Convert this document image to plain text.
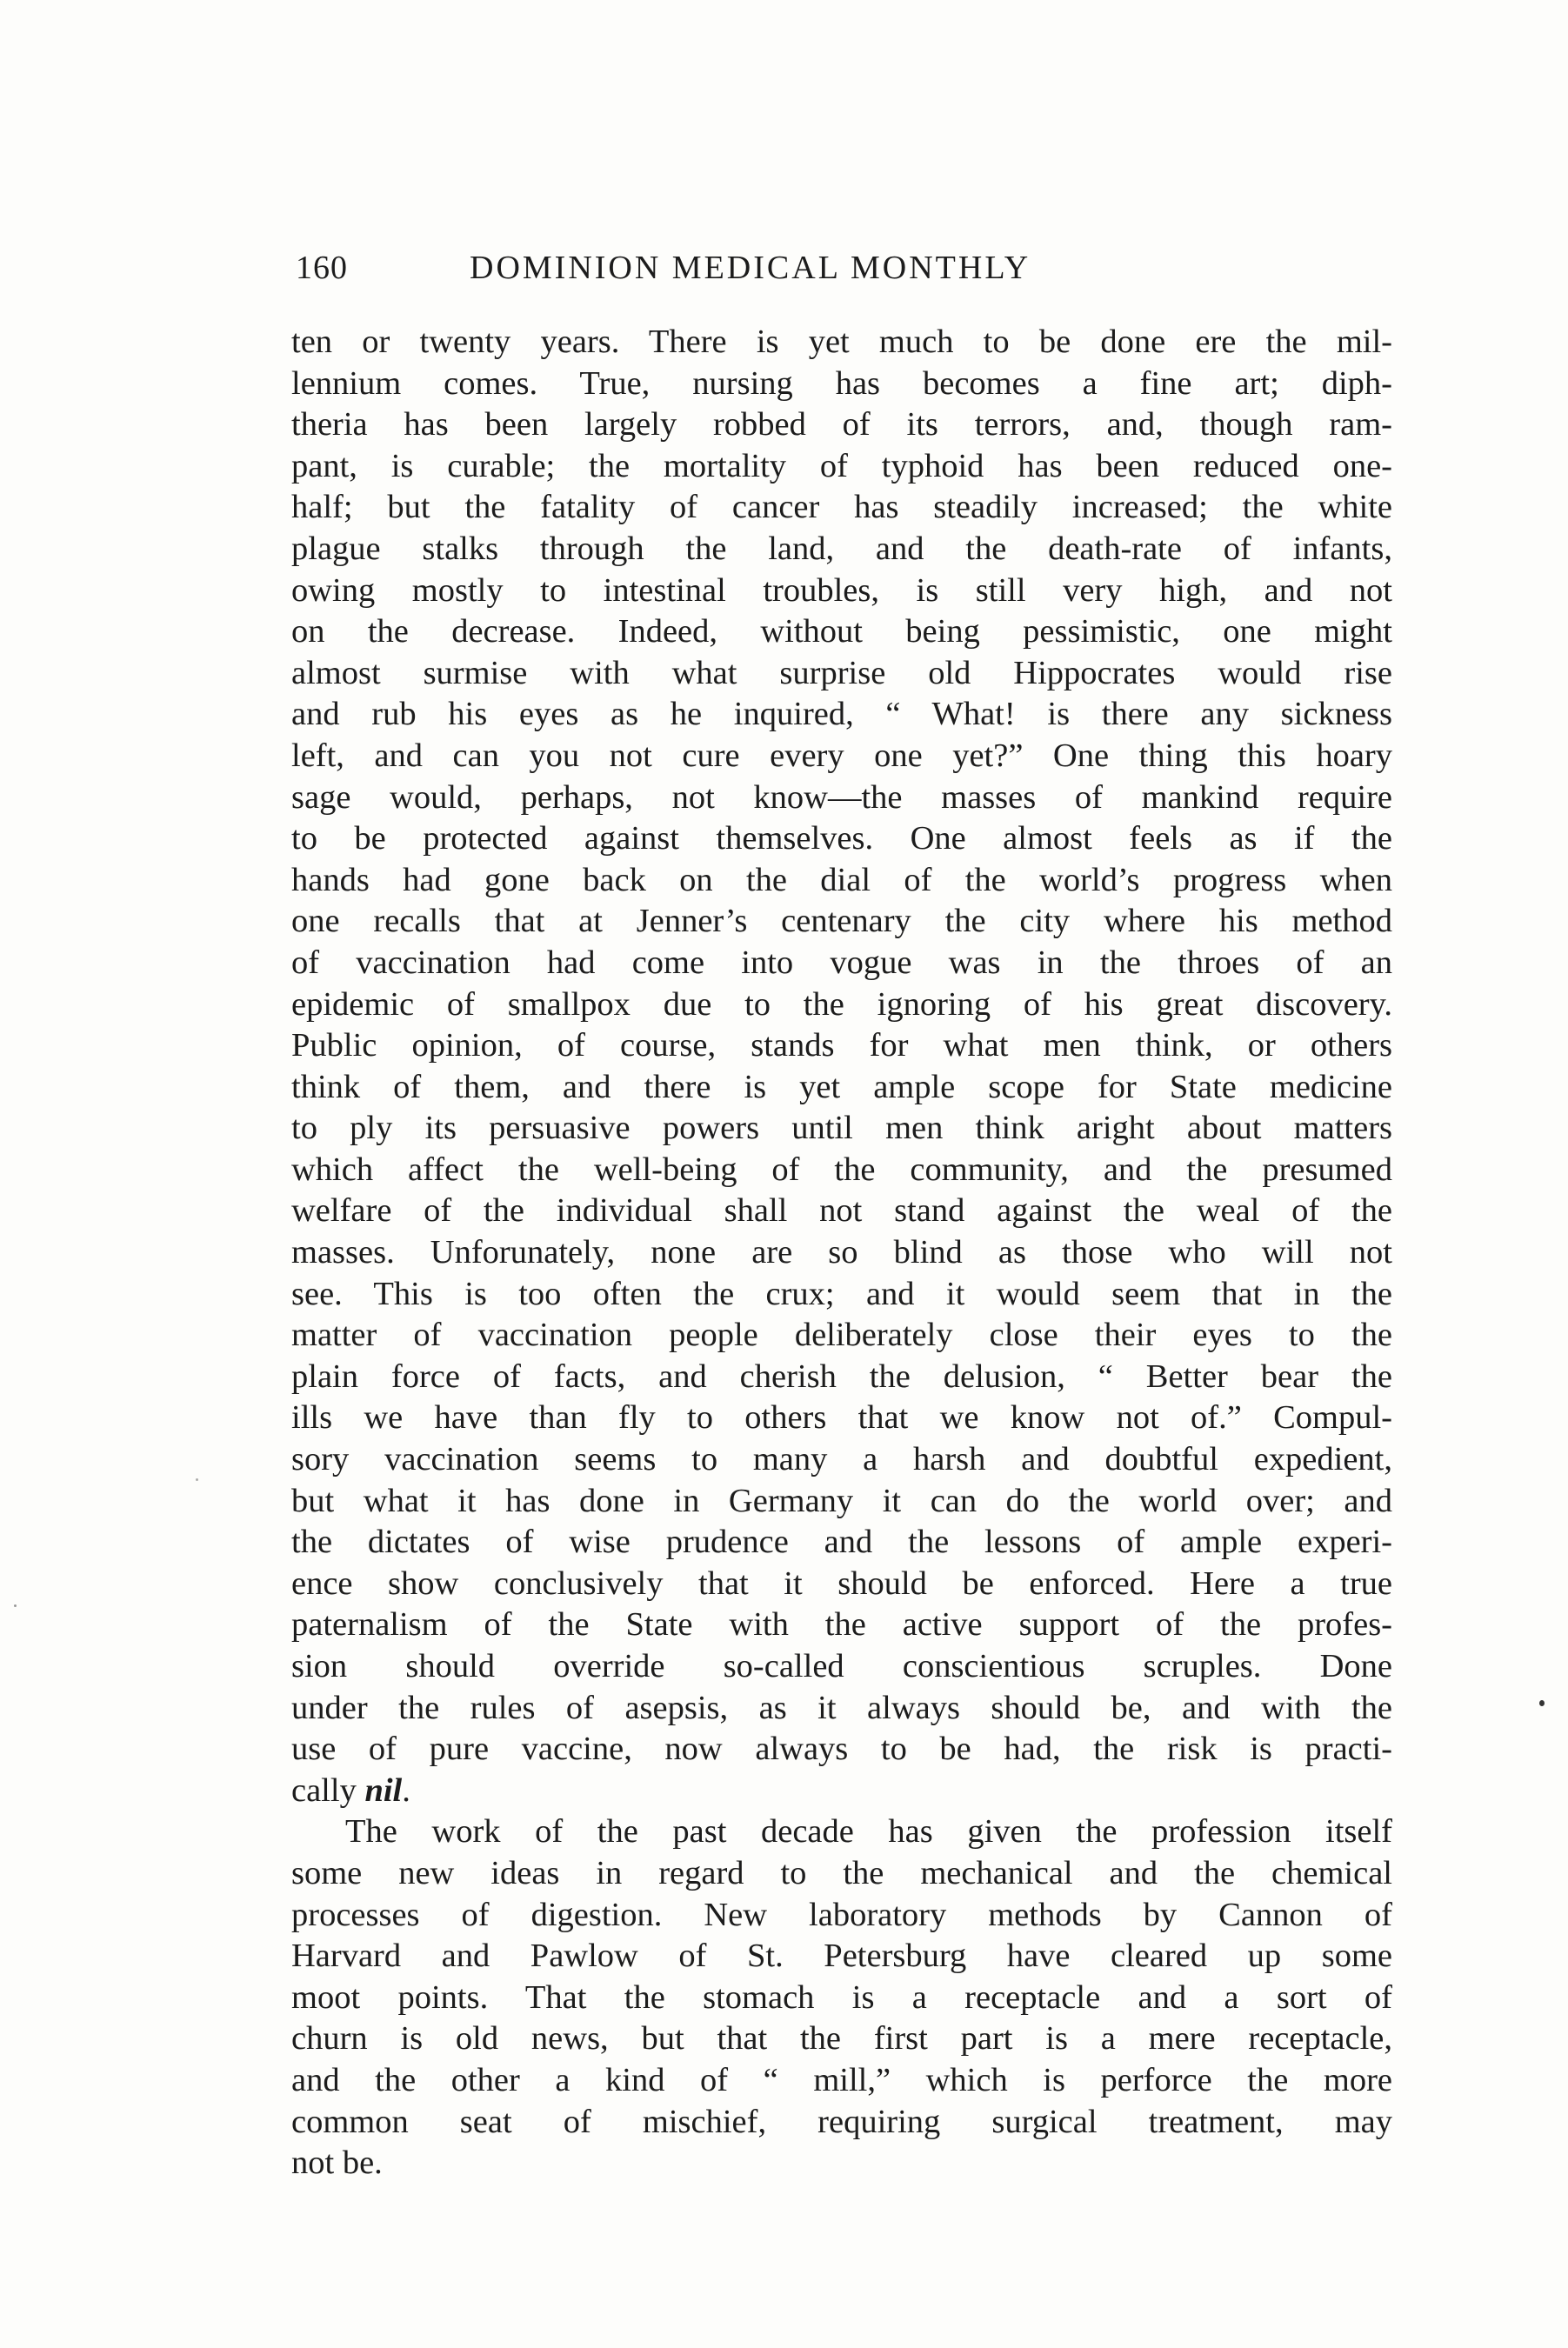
160	DOMINION MEDICAL MONTHLY
ten or twenty years. There is yet much to be done ere the mil-
lennium comes. True, nursing has becomes a fine art; diph-
theria has been largely robbed of its terrors, and, though ram-
pant, is curable; the mortality of typhoid has been reduced one-
half; but the fatality of cancer has steadily increased; the white
plague stalks through the land, and the death-rate of infants,
owing mostly to intestinal troubles, is still very high, and not
on the decrease. Indeed, without being pessimistic, one might
almost surmise with what surprise old Hippocrates would rise
and rub his eyes as he inquired, “ What! is there any sickness
left, and can you not cure every one yet?” One thing this hoary
sage would, perhaps, not know—the masses of mankind require
to be protected against themselves. One almost feels as if the
hands had gone back on the dial of the world’s progress when
one recalls that at Jenner’s centenary the city where his method
of vaccination had come into vogue was in the throes of an
epidemic of smallpox due to the ignoring of his great discovery.
Public opinion, of course, stands for what men think, or others
think of them, and there is yet ample scope for State medicine
to ply its persuasive powers until men think aright about matters
which affect the well-being of the community, and the presumed
welfare of the individual shall not stand against the weal of the
masses. Unforunately, none are so blind as those who will not
see. This is too often the crux; and it would seem that in the
matter of vaccination people deliberately close their eyes to the
plain force of facts, and cherish the delusion, “ Better bear the
ills we have than fly to others that we know not of.” Compul-
sory vaccination seems to many a harsh and doubtful expedient,
but what it has done in Germany it can do the world over; and
the dictates of wise prudence and the lessons of ample experi-
ence show conclusively that it should be enforced. Here a true
paternalism of the State with the active support of the profes-
sion should override so-called conscientious scruples. Done
under the rules of asepsis, as it always should be, and with the
use of pure vaccine, now always to be had, the risk is practi-
cally nil.
The work of the past decade has given the profession itself
some new ideas in regard to the mechanical and the chemical
processes of digestion. New laboratory methods by Cannon of
Harvard and Pawlow of St. Petersburg have cleared up some
moot points. That the stomach is a receptacle and a sort of
churn is old news, but that the first part is a mere receptacle,
and the other a kind of “ mill,” which is perforce the more
common seat of mischief, requiring surgical treatment, may
not be.
